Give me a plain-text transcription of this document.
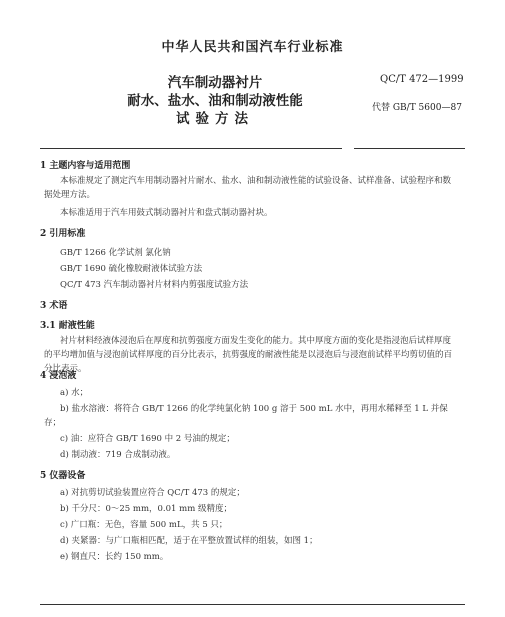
中华人民共和国汽车行业标准
汽车制动器衬片
耐水、盐水、油和制动液性能
试验方法
QC/T 472—1999
代替 GB/T 5600—87
1 主题内容与适用范围
本标准规定了测定汽车用制动器衬片耐水、盐水、油和制动液性能的试验设备、试样准备、试验程序和数据处理方法。
本标准适用于汽车用鼓式制动器衬片和盘式制动器衬块。
2 引用标准
GB/T 1266 化学试剂 氯化钠
GB/T 1690 硫化橡胶耐液体试验方法
QC/T 473 汽车制动器衬片材料内剪强度试验方法
3 术语
3.1 耐液性能
衬片材料经液体浸泡后在厚度和抗剪强度方面发生变化的能力。其中厚度方面的变化是指浸泡后试样厚度的平均增加值与浸泡前试样厚度的百分比表示，抗剪强度的耐液性能是以浸泡后与浸泡前试样平均剪切值的百分比表示。
4 浸泡液
a) 水；
b) 盐水溶液：将符合 GB/T 1266 的化学纯氯化钠 100 g 溶于 500 mL 水中，再用水稀释至 1 L 并保存；
c) 油：应符合 GB/T 1690 中 2 号油的规定；
d) 制动液：719 合成制动液。
5 仪器设备
a) 对抗剪切试验装置应符合 QC/T 473 的规定；
b) 千分尺：0～25 mm，0.01 mm 级精度；
c) 广口瓶：无色，容量 500 mL，共 5 只；
d) 夹紧器：与广口瓶相匹配，适于在平整放置试样的组装，如图 1；
e) 钢直尺：长约 150 mm。
